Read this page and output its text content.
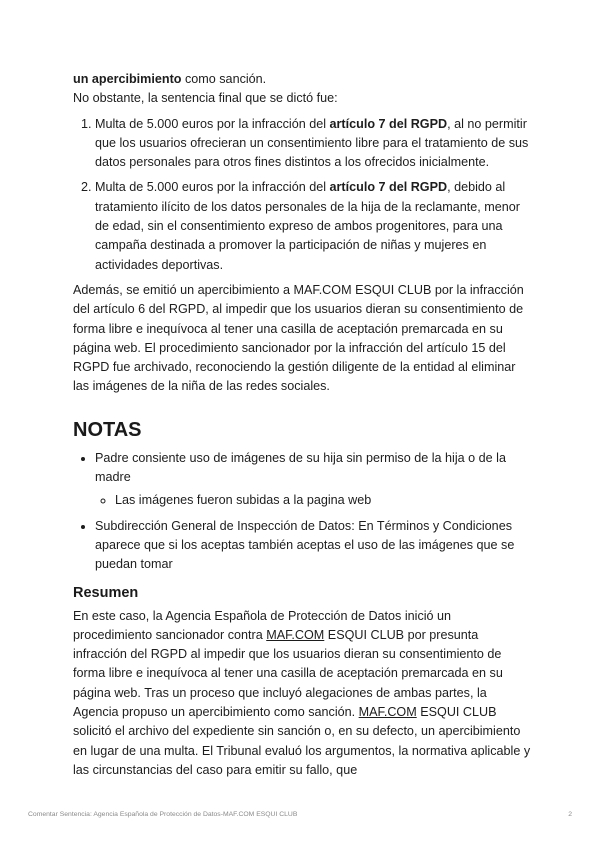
un apercibimiento como sanción.

No obstante, la sentencia final que se dictó fue:

1. Multa de 5.000 euros por la infracción del artículo 7 del RGPD, al no permitir que los usuarios ofrecieran un consentimiento libre para el tratamiento de sus datos personales para otros fines distintos a los ofrecidos inicialmente.
2. Multa de 5.000 euros por la infracción del artículo 7 del RGPD, debido al tratamiento ilícito de los datos personales de la hija de la reclamante, menor de edad, sin el consentimiento expreso de ambos progenitores, para una campaña destinada a promover la participación de niñas y mujeres en actividades deportivas.

Además, se emitió un apercibimiento a MAF.COM ESQUI CLUB por la infracción del artículo 6 del RGPD, al impedir que los usuarios dieran su consentimiento de forma libre e inequívoca al tener una casilla de aceptación premarcada en su página web. El procedimiento sancionador por la infracción del artículo 15 del RGPD fue archivado, reconociendo la gestión diligente de la entidad al eliminar las imágenes de la niña de las redes sociales.

NOTAS
• Padre consiente uso de imágenes de su hija sin permiso de la hija o de la madre
◦ Las imágenes fueron subidas a la pagina web
• Subdirección General de Inspección de Datos: En Términos y Condiciones aparece que si los aceptas también aceptas el uso de las imágenes que se puedan tomar
Resumen

En este caso, la Agencia Española de Protección de Datos inició un procedimiento sancionador contra MAF.COM ESQUI CLUB por presunta infracción del RGPD al impedir que los usuarios dieran su consentimiento de forma libre e inequívoca al tener una casilla de aceptación premarcada en su página web. Tras un proceso que incluyó alegaciones de ambas partes, la Agencia propuso un apercibimiento como sanción. MAF.COM ESQUI CLUB solicitó el archivo del expediente sin sanción o, en su defecto, un apercibimiento en lugar de una multa. El Tribunal evaluó los argumentos, la normativa aplicable y las circunstancias del caso para emitir su fallo, que

Comentar Sentencia: Agencia Española de Protección de Datos-MAF.COM ESQUI CLUB	2
